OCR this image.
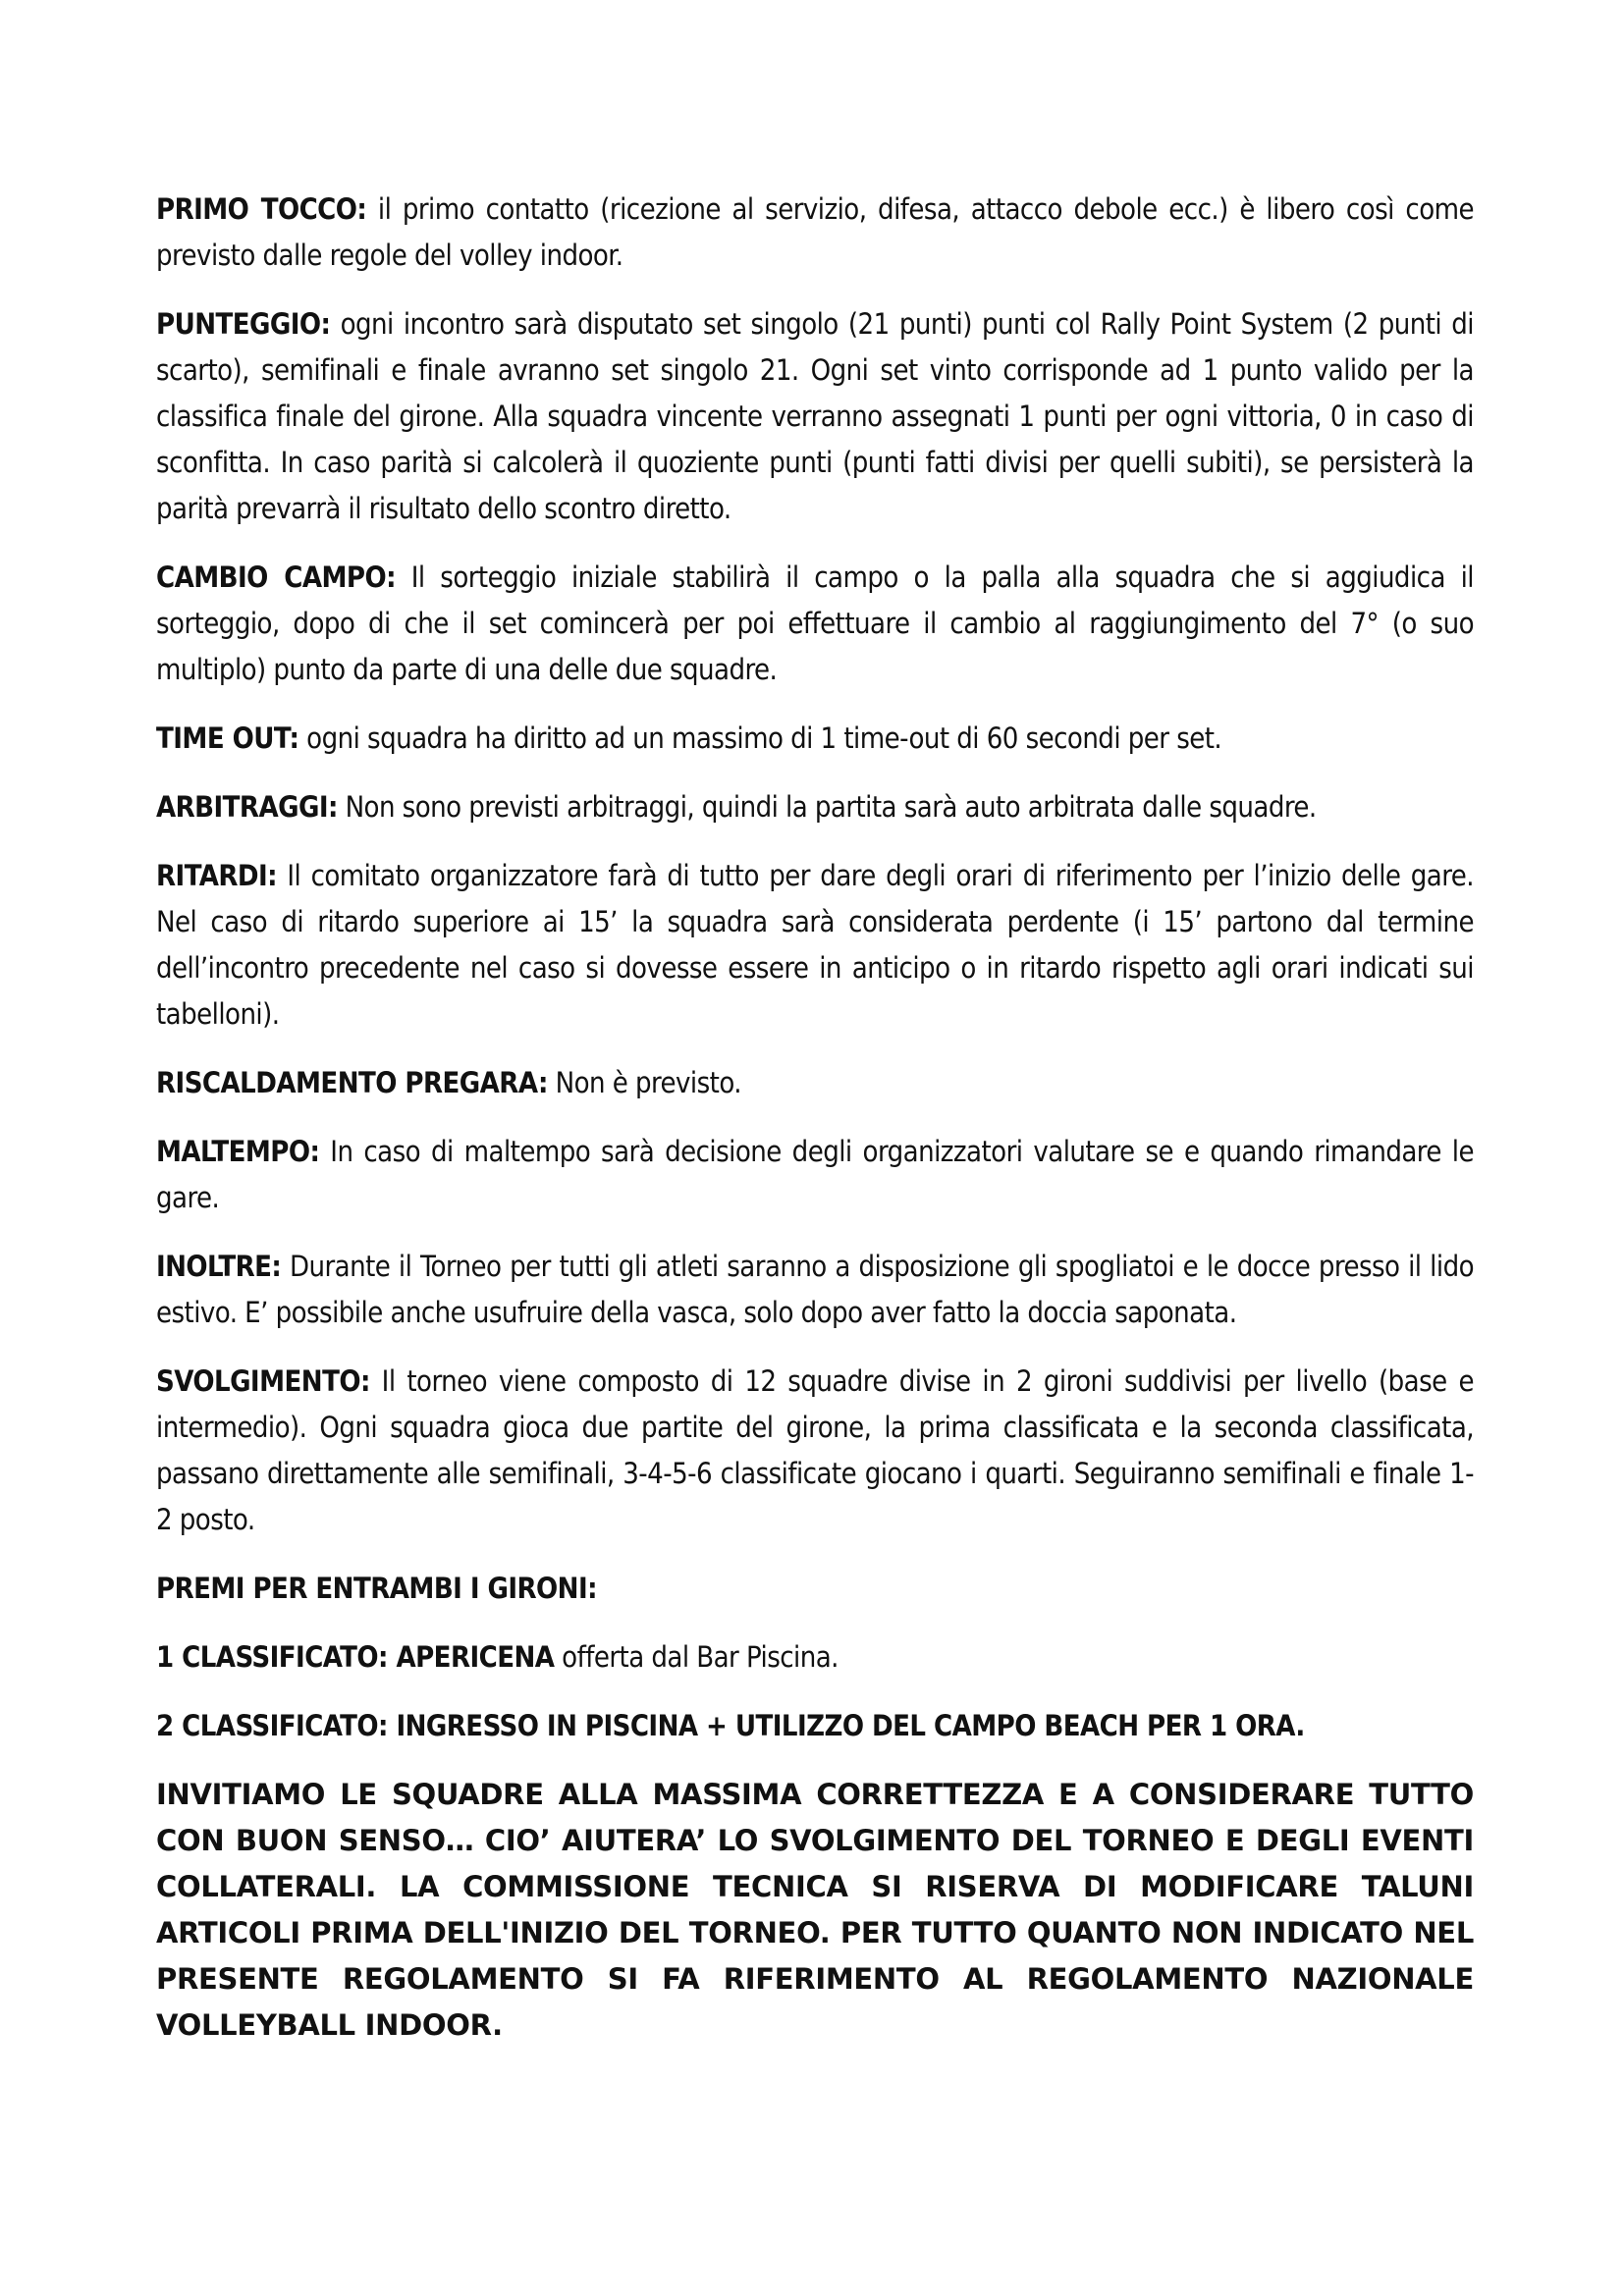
PRIMO TOCCO: il primo contatto (ricezione al servizio, difesa, attacco debole ecc.) è libero così come previsto dalle regole del volley indoor.

PUNTEGGIO: ogni incontro sarà disputato set singolo (21 punti) punti col Rally Point System (2 punti di scarto), semifinali e finale avranno set singolo 21. Ogni set vinto corrisponde ad 1 punto valido per la classifica finale del girone. Alla squadra vincente verranno assegnati 1 punti per ogni vittoria, 0 in caso di sconfitta. In caso parità si calcolerà il quoziente punti (punti fatti divisi per quelli subiti), se persisterà la parità prevarrà il risultato dello scontro diretto.

CAMBIO CAMPO: Il sorteggio iniziale stabilirà il campo o la palla alla squadra che si aggiudica il sorteggio, dopo di che il set comincerà per poi effettuare il cambio al raggiungimento del 7° (o suo multiplo) punto da parte di una delle due squadre.

TIME OUT: ogni squadra ha diritto ad un massimo di 1 time-out di 60 secondi per set.

ARBITRAGGI: Non sono previsti arbitraggi, quindi la partita sarà auto arbitrata dalle squadre.

RITARDI: Il comitato organizzatore farà di tutto per dare degli orari di riferimento per l’inizio delle gare. Nel caso di ritardo superiore ai 15’ la squadra sarà considerata perdente (i 15’ partono dal termine dell’incontro precedente nel caso si dovesse essere in anticipo o in ritardo rispetto agli orari indicati sui tabelloni).

RISCALDAMENTO PREGARA: Non è previsto.

MALTEMPO: In caso di maltempo sarà decisione degli organizzatori valutare se e quando rimandare le gare.

INOLTRE: Durante il Torneo per tutti gli atleti saranno a disposizione gli spogliatoi e le docce presso il lido estivo. E’ possibile anche usufruire della vasca, solo dopo aver fatto la doccia saponata.

SVOLGIMENTO: Il torneo viene composto di 12 squadre divise in 2 gironi suddivisi per livello (base e intermedio). Ogni squadra gioca due partite del girone, la prima classificata e la seconda classificata, passano direttamente alle semifinali, 3-4-5-6 classificate giocano i quarti. Seguiranno semifinali e finale 1-2 posto.

PREMI PER ENTRAMBI I GIRONI:

1 CLASSIFICATO: APERICENA offerta dal Bar Piscina.

2 CLASSIFICATO: INGRESSO IN PISCINA + UTILIZZO DEL CAMPO BEACH PER 1 ORA.

INVITIAMO LE SQUADRE ALLA MASSIMA CORRETTEZZA E A CONSIDERARE TUTTO CON BUON SENSO… CIO’ AIUTERA’ LO SVOLGIMENTO DEL TORNEO E DEGLI EVENTI COLLATERALI. LA COMMISSIONE TECNICA SI RISERVA DI MODIFICARE TALUNI ARTICOLI PRIMA DELL'INIZIO DEL TORNEO. PER TUTTO QUANTO NON INDICATO NEL PRESENTE REGOLAMENTO SI FA RIFERIMENTO AL REGOLAMENTO NAZIONALE VOLLEYBALL INDOOR.
